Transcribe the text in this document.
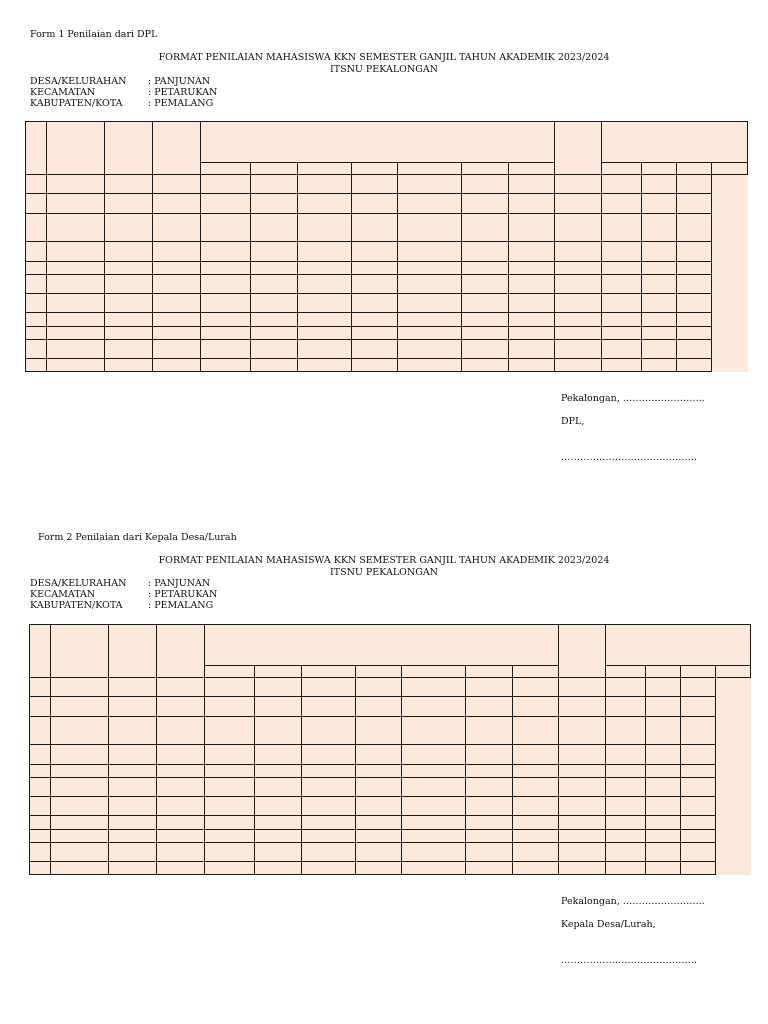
Form 1 Penilaian dari DPL
FORMAT PENILAIAN MAHASISWA KKN SEMESTER GANJIL TAHUN AKADEMIK 2023/2024
ITSNU PEKALONGAN
DESA/KELURAHAN : PANJUNAN
KECAMATAN	: PETARUKAN
KABUPATEN/KOTA	: PEMALANG

Pekalongan, ……………………..
DPL,
…………………………………….
Form 2 Penilaian dari Kepala Desa/Lurah
FORMAT PENILAIAN MAHASISWA KKN SEMESTER GANJIL TAHUN AKADEMIK 2023/2024
ITSNU PEKALONGAN
DESA/KELURAHAN : PANJUNAN
KECAMATAN	: PETARUKAN
KABUPATEN/KOTA	: PEMALANG

Pekalongan, ……………………..
Kepala Desa/Lurah,
…………………………………….
